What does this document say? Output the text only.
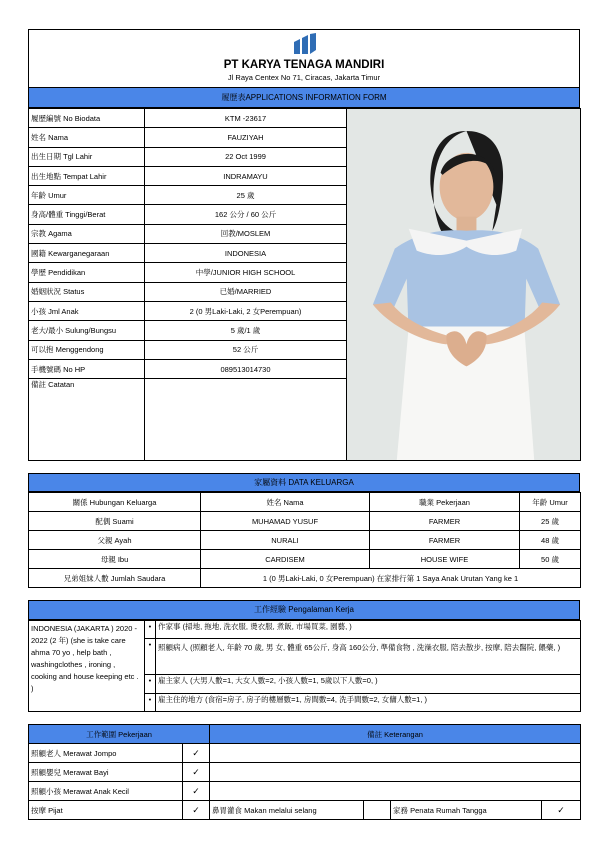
PT KARYA TENAGA MANDIRI
Jl Raya Centex No 71, Ciracas, Jakarta Timur
履歷表APPLICATIONS INFORMATION FORM
履歷編號 No Biodata	KTM -23617	

姓名 Nama	FAUZIYAH	
出生日期 Tgl Lahir	22 Oct 1999	
出生地點 Tempat Lahir	INDRAMAYU	
年齡 Umur	25 歲	
身高/體重 Tinggi/Berat	162 公分 / 60 公斤	
宗教 Agama	回教/MOSLEM	
國籍 Kewarganegaraan	INDONESIA	
學歷 Pendidikan	中學/JUNIOR HIGH SCHOOL	
婚姻狀況 Status	已婚/MARRIED	
小孩 Jml Anak	2 (0 男Laki-Laki, 2 女Perempuan)	
老大/最小 Sulung/Bungsu	5 歲/1 歲	
可以抱 Menggendong	52 公斤	
手機號碼 No HP	089513014730	
備註 Catatan		
家屬資料 DATA KELUARGA
關係 Hubungan Keluarga	姓名 Nama	職業 Pekerjaan	年齡 Umur
配偶 Suami	MUHAMAD YUSUF	FARMER	25 歲
父親 Ayah	NURALI	FARMER	48 歲
母親 Ibu	CARDISEM	HOUSE WIFE	50 歲
兄弟姐妹人數 Jumlah Saudara	1 (0 男Laki-Laki, 0 女Perempuan) 在家排行第 1 Saya Anak Urutan Yang ke 1		
工作經驗 Pengalaman Kerja
INDONESIA (JAKARTA ) 2020 - 2022 (2 年) (she is take care ahma 70 yo , help bath , washingclothes , ironing , cooking and house keeping etc . )	•	作家事 (掃地, 拖地, 洗衣服, 燙衣服, 煮飯, 市場買菜, 園藝, )
	•	照顧病人 (照顧老人, 年齡 70 歲, 男 女, 體重 65公斤, 身高 160公分, 準備食物 , 洗澡衣服, 陪去散步, 按摩, 陪去醫院, 餵藥, )
	•	雇主家人 (大男人數=1, 大女人數=2, 小孩人數=1, 5歲以下人數=0, )
	•	雇主住的地方 (食宿=房子, 房子的樓層數=1, 房間數=4, 洗手間數=2, 女傭人數=1, )
工作範圍 Pekerjaan		備註 Keterangan			
照顧老人 Merawat Jompo	✓				
照顧嬰兒 Merawat Bayi	✓				
照顧小孩 Merawat Anak Kecil	✓				
按摩 Pijat	✓	鼻胃灌食 Makan melalui selang		家務 Penata Rumah Tangga	✓
